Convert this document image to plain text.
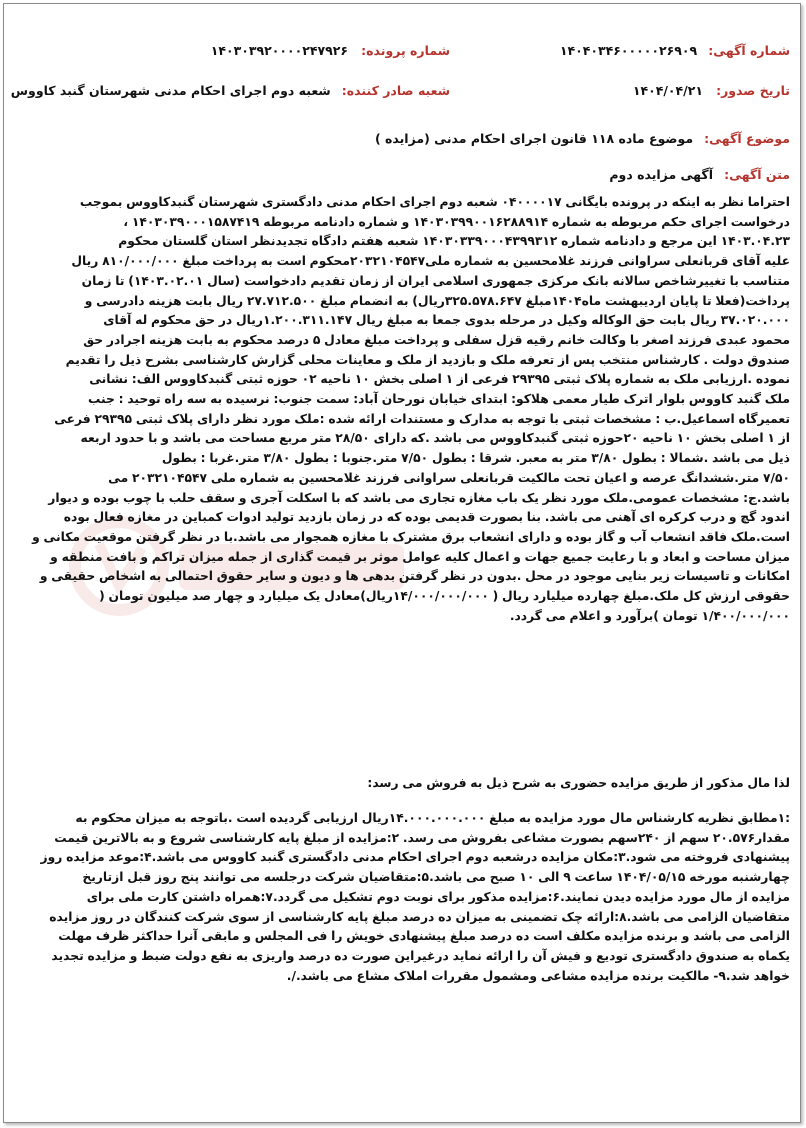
شماره آگهی: ۱۴۰۴۰۳۴۶۰۰۰۰۰۲۶۹۰۹
شماره پرونده: ۱۴۰۳۰۳۹۲۰۰۰۰۲۴۷۹۲۶
تاریخ صدور: ۱۴۰۴/۰۴/۲۱
شعبه صادر کننده: شعبه دوم اجرای احکام مدنی شهرستان گنبد کاووس
موضوع آگهی: موضوع ماده ۱۱۸ قانون اجرای احکام مدنی (مزایده )
متن آگهی: آگهی مزایده دوم
احتراما نظر به اینکه در پرونده بایگانی ۰۴۰۰۰۰۱۷ شعبه دوم اجرای احکام مدنی دادگستری شهرستان گنبدکاووس بموجب
درخواست اجرای حکم مربوطه به شماره ۱۴۰۳۰۳۹۹۰۰۱۶۲۸۸۹۱۴ و شماره دادنامه مربوطه ۱۴۰۳۰۳۹۰۰۰۱۵۸۷۴۱۹ ،
۱۴۰۳.۰۴.۲۳ این مرجع و دادنامه شماره ۱۴۰۳۰۳۳۹۰۰۰۴۳۹۹۳۱۲ شعبه هفتم دادگاه تجدیدنظر استان گلستان محکوم
علیه آقای قربانعلی سراوانی فرزند غلامحسین به شماره ملی۲۰۳۲۱۰۴۵۴۷محکوم است به پرداخت مبلغ ۸۱۰/۰۰۰/۰۰۰ ریال
متناسب با تغییرشاخص سالانه بانک مرکزی جمهوری اسلامی ایران از زمان تقدیم دادخواست (سال ۱۴۰۳.۰۲.۰۱) تا زمان
پرداخت(فعلا تا پایان اردیبهشت ماه۱۴۰۴مبلغ ۳۲۵.۵۷۸.۶۴۷ریال) به انضمام مبلغ ۲۷.۷۱۲.۵۰۰ ریال بابت هزینه دادرسی و
۳۷.۰۲۰.۰۰۰ ریال بابت حق الوکاله وکیل در مرحله بدوی جمعا به مبلغ ریال ۱.۲۰۰.۳۱۱.۱۴۷ریال در حق محکوم له آقای
محمود عبدی فرزند اصغر با وکالت خانم رقیه قزل سفلی و پرداخت مبلغ معادل ۵ درصد محکوم به بابت هزینه اجرادر حق
صندوق دولت . کارشناس منتخب پس از تعرفه ملک و بازدید از ملک و معاینات محلی گزارش کارشناسی بشرح ذیل را تقدیم
نموده .ارزیابی ملک به شماره پلاک ثبتی ۲۹۳۹۵ فرعی از ۱ اصلی بخش ۱۰ ناحیه ۰۲ حوزه ثبتی گنبدکاووس الف: نشانی
ملک گنبد کاووس بلوار اترک طیار معمی هلاکو: ابتدای خیابان نورحان آباد: سمت جنوب: نرسیده به سه راه توحید : جنب
تعمیرگاه اسماعیل.ب : مشخصات ثبتی با توجه به مدارک و مستندات ارائه شده :ملک مورد نظر دارای پلاک ثبتی ۲۹۳۹۵ فرعی
از ۱ اصلی بخش ۱۰ ناحیه ۲۰حوزه ثبتی گنبدکاووس می باشد .که دارای ۲۸/۵۰ متر مربع مساحت می باشد و با حدود اربعه
ذیل می باشد .شمالا : بطول ۳/۸۰ متر به معبر. شرقا : بطول ۷/۵۰ متر.جنوبا : بطول ۳/۸۰ متر.غربا : بطول
۷/۵۰ متر.ششدانگ عرصه و اعیان تحت مالکیت قربانعلی سراوانی فرزند غلامحسین به شماره ملی ۲۰۳۲۱۰۴۵۴۷ می
باشد.ج: مشخصات عمومی.ملک مورد نظر یک باب مغازه تجاری می باشد که با اسکلت آجری و سقف حلب با چوب بوده و دیوار
اندود گچ و درب کرکره ای آهنی می باشد. بنا بصورت قدیمی بوده که در زمان بازدید تولید ادوات کمباین در مغازه فعال بوده
است.ملک فاقد انشعاب آب و گاز بوده و دارای انشعاب برق مشترک با مغازه همجوار می باشد.با در نظر گرفتن موقعیت مکانی و
میزان مساحت و ابعاد و با رعایت جمیع جهات و اعمال کلیه عوامل موثر بر قیمت گذاری از جمله میزان تراکم و بافت منطقه و
امکانات و تاسیسات زیر بنایی موجود در محل .بدون در نظر گرفتن بدهی ها و دیون و سایر حقوق احتمالی به اشخاص حقیقی و
حقوقی ارزش کل ملک.مبلغ چهارده میلیارد ریال ( ۱۴/۰۰۰/۰۰۰/۰۰۰ریال)معادل یک میلیارد و چهار صد میلیون تومان (
۱/۴۰۰/۰۰۰/۰۰۰ تومان )برآورد و اعلام می گردد.
لذا مال مذکور از طریق مزایده حضوری به شرح ذیل به فروش می رسد:
:۱مطابق نظریه کارشناس مال مورد مزایده به مبلغ ۱۴.۰۰۰.۰۰۰.۰۰۰ریال ارزیابی گردیده است .باتوجه به میزان محکوم به
مقدار۲۰.۵۷۶ سهم از ۲۴۰سهم بصورت مشاعی بفروش می رسد. ۲:مزایده از مبلغ پایه کارشناسی شروع و به بالاترین قیمت
پیشنهادی فروخته می شود.۳:مکان مزایده درشعبه دوم اجرای احکام مدنی دادگستری گنبد کاووس می باشد.۴:موعد مزایده روز
چهارشنبه مورخه ۱۴۰۴/۰۵/۱۵ ساعت ۹ الی ۱۰ صبح می باشد.۵:متقاضیان شرکت درجلسه می توانند پنج روز قبل ازتاریخ
مزایده از مال مورد مزایده دیدن نمایند.۶:مزایده مذکور برای نوبت دوم تشکیل می گردد.۷:همراه داشتن کارت ملی برای
متقاضیان الزامی می باشد.۸:ارائه چک تضمینی به میزان ده درصد مبلغ پایه کارشناسی از سوی شرکت کنندگان در روز مزایده
الزامی می باشد و برنده مزایده مکلف است ده درصد مبلغ پیشنهادی خویش را فی المجلس و مابقی آنرا حداکثر ظرف مهلت
یکماه به صندوق دادگستری تودیع و فیش آن را ارائه نماید درغیراین صورت ده درصد واریزی به نفع دولت ضبط و مزایده تجدید
خواهد شد.۹- مالکیت برنده مزایده مشاعی ومشمول مقررات املاک مشاع می باشد./.
